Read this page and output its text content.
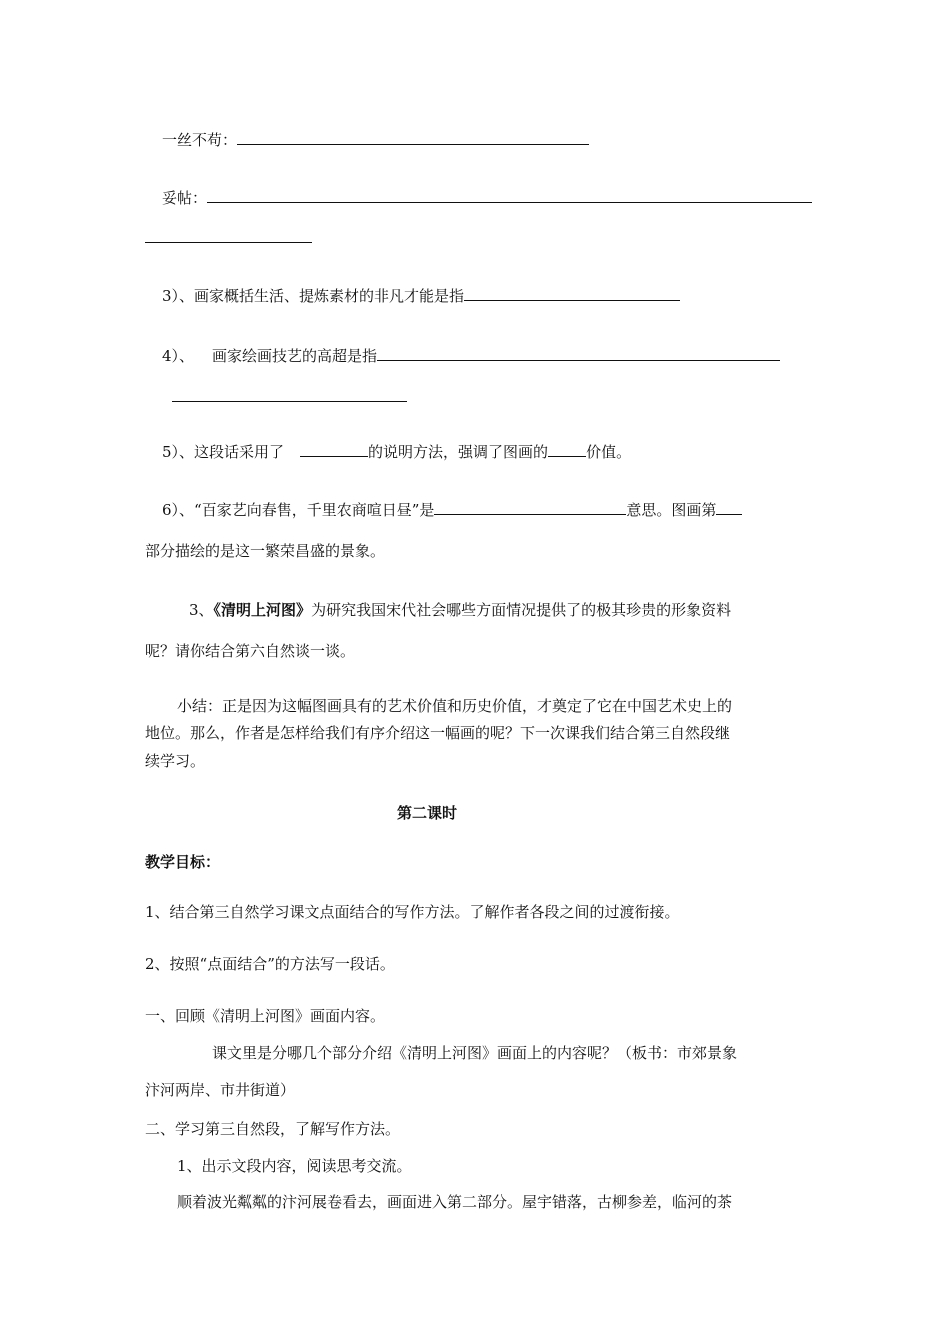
一丝不苟：
妥帖：
3）、画家概括生活、提炼素材的非凡才能是指
4）、 画家绘画技艺的高超是指
5）、这段话采用了	的说明方法，强调了图画的	价值。
6）、“百家艺向春售，千里农商喧日昼”是	意思。图画第
部分描绘的是这一繁荣昌盛的景象。
3、《清明上河图》为研究我国宋代社会哪些方面情况提供了的极其珍贵的形象资料
呢？请你结合第六自然谈一谈。
小结：正是因为这幅图画具有的艺术价值和历史价值，才奠定了它在中国艺术史上的
地位。那么，作者是怎样给我们有序介绍这一幅画的呢？下一次课我们结合第三自然段继
续学习。
第二课时
教学目标：
1、结合第三自然学习课文点面结合的写作方法。了解作者各段之间的过渡衔接。
2、按照“点面结合”的方法写一段话。
一、回顾《清明上河图》画面内容。
课文里是分哪几个部分介绍《清明上河图》画面上的内容呢？（板书：市郊景象
汴河两岸、市井街道）
二、学习第三自然段，了解写作方法。
1、出示文段内容，阅读思考交流。
顺着波光粼粼的汴河展卷看去，画面进入第二部分。屋宇错落，古柳参差，临河的茶
